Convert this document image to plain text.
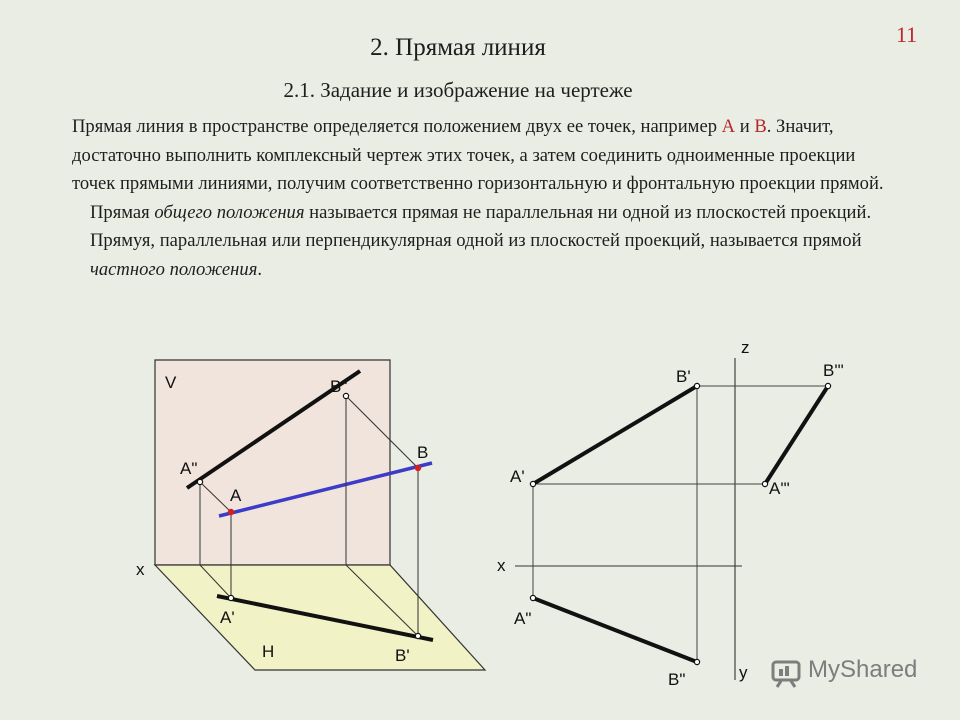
11
2. Прямая линия
2.1. Задание и изображение на чертеже

Прямая линия в пространстве определяется положением двух ее точек, например А и В. Значит, достаточно выполнить комплексный чертеж этих точек, а затем соединить одноименные проекции точек прямыми линиями, получим соответственно горизонтальную и фронтальную проекции прямой.

Прямая общего положения называется прямая не параллельная ни одной из плоскостей проекций. Прямуя, параллельная или перпендикулярная одной из плоскостей проекций, называется прямой частного положения.

V
H
x
A"
B"
A
B
A'
B'
z
x
y
A'
B'
A"
B"
A'"
B'"
MyShared
